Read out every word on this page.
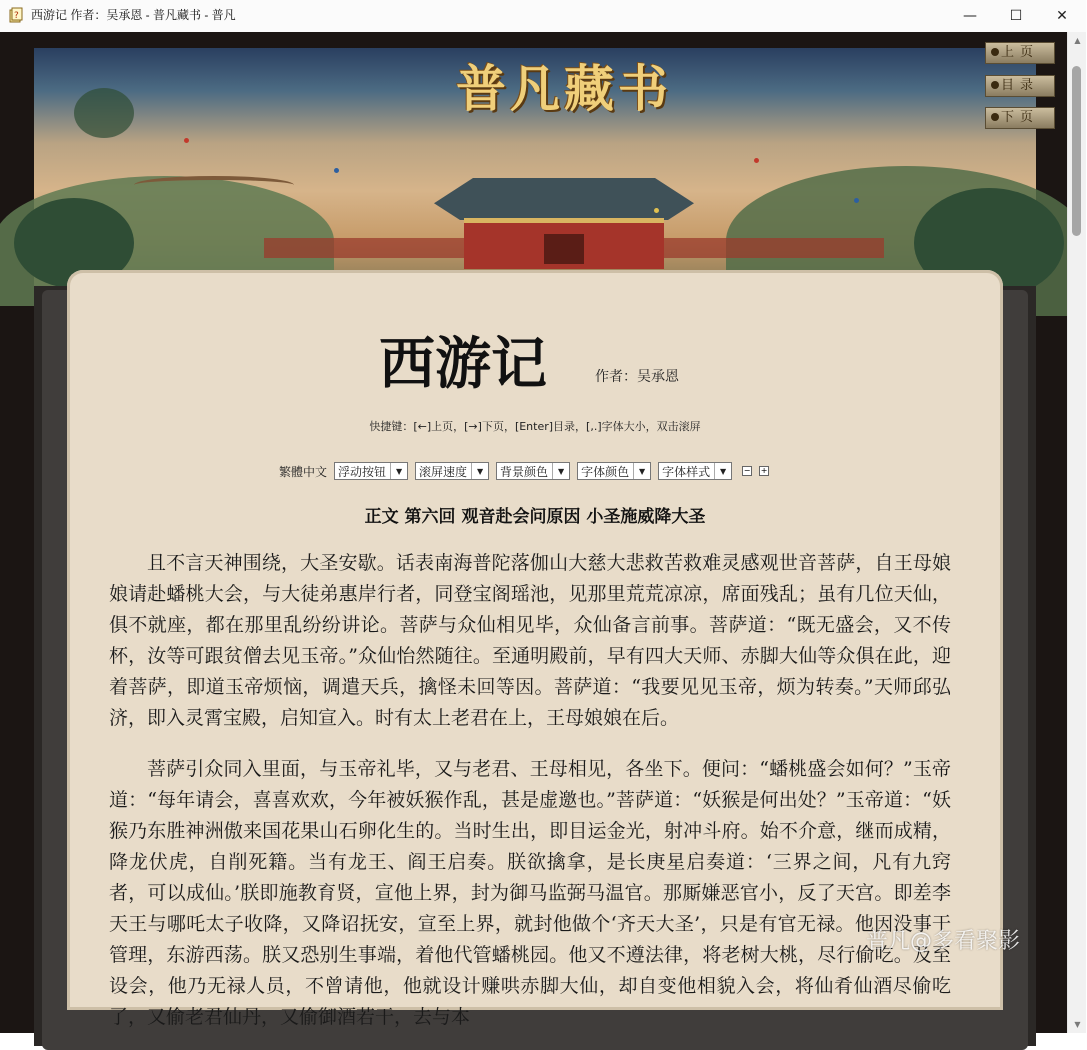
? 西游记 作者：吴承恩 - 普凡藏书 - 普凡	—	☐	✕
普凡藏书
上页
目录
下页
西游记	作者：吴承恩
快捷键：[←]上页，[→]下页，[Enter]目录，[,.]字体大小，双击滚屏
繁體中文 浮动按钮	▼	滚屏速度	▼	背景颜色	▼	字体颜色	▼	字体样式	▼	− +
正文 第六回 观音赴会问原因 小圣施威降大圣
且不言天神围绕，大圣安歇。话表南海普陀落伽山大慈大悲救苦救难灵感观世音菩萨，自王母娘娘请赴蟠桃大会，与大徒弟惠岸行者，同登宝阁瑶池，见那里荒荒凉凉，席面残乱；虽有几位天仙，俱不就座，都在那里乱纷纷讲论。菩萨与众仙相见毕，众仙备言前事。菩萨道：“既无盛会，又不传杯，汝等可跟贫僧去见玉帝。”众仙怡然随往。至通明殿前，早有四大天师、赤脚大仙等众俱在此，迎着菩萨，即道玉帝烦恼，调遣天兵，擒怪未回等因。菩萨道：“我要见见玉帝，烦为转奏。”天师邱弘济，即入灵霄宝殿，启知宣入。时有太上老君在上，王母娘娘在后。
菩萨引众同入里面，与玉帝礼毕，又与老君、王母相见，各坐下。便问：“蟠桃盛会如何？”玉帝道：“每年请会，喜喜欢欢，今年被妖猴作乱，甚是虚邀也。”菩萨道：“妖猴是何出处？”玉帝道：“妖猴乃东胜神洲傲来国花果山石卵化生的。当时生出，即目运金光，射冲斗府。始不介意，继而成精，降龙伏虎，自削死籍。当有龙王、阎王启奏。朕欲擒拿，是长庚星启奏道：‘三界之间，凡有九窍者，可以成仙。’朕即施教育贤，宣他上界，封为御马监弼马温官。那厮嫌恶官小，反了天宫。即差李天王与哪吒太子收降，又降诏抚安，宣至上界，就封他做个‘齐天大圣’，只是有官无禄。他因没事干管理，东游西荡。朕又恐别生事端，着他代管蟠桃园。他又不遵法律，将老树大桃，尽行偷吃。及至设会，他乃无禄人员，不曾请他，他就设计赚哄赤脚大仙，却自变他相貌入会，将仙肴仙酒尽偷吃了，又偷老君仙丹，又偷御酒若干，去与本
普凡@多看聚影
▲
▼
